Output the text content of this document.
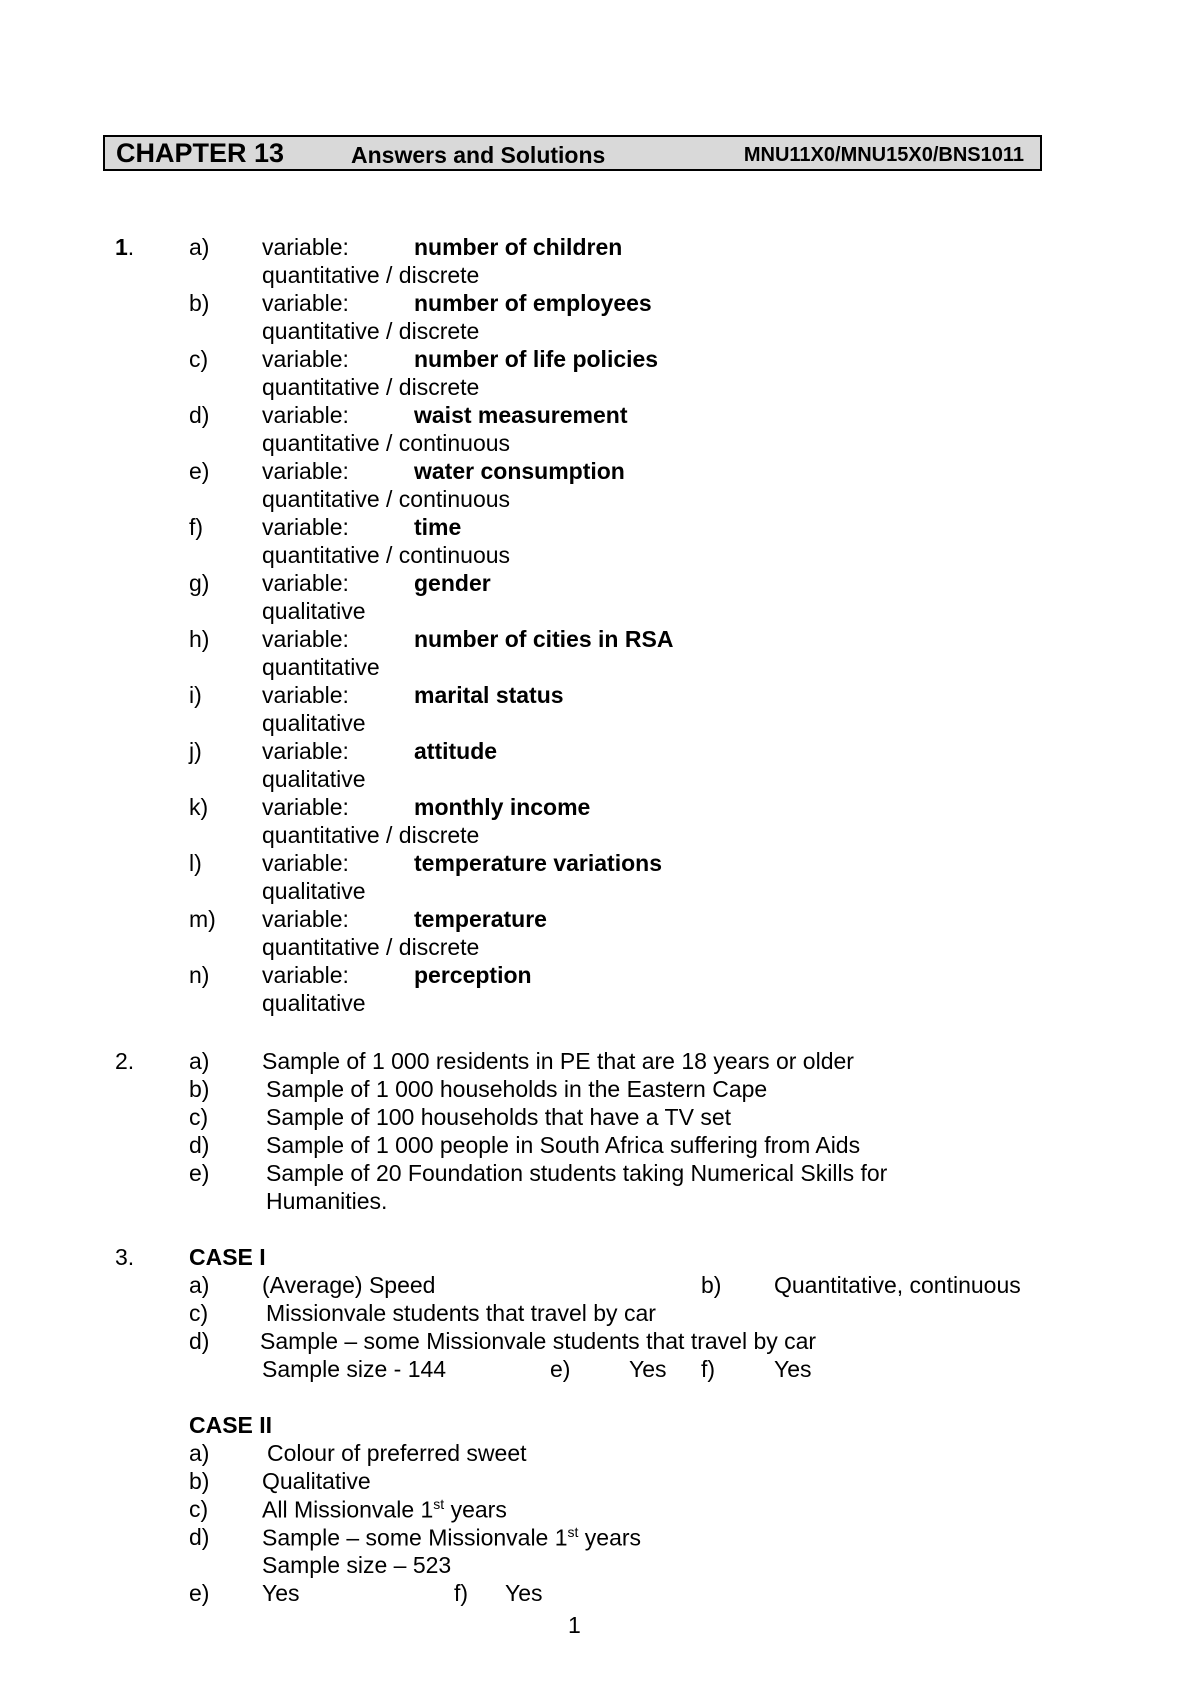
CHAPTER 13	Answers and Solutions	MNU11X0/MNU15X0/BNS1011
1. a) variable:	number of children
quantitative / discrete
b) variable:	number of employees
quantitative / discrete
c) variable:	number of life policies
quantitative / discrete
d) variable:	waist measurement
quantitative / continuous
e) variable:	water consumption
quantitative / continuous
f)	variable:	time
quantitative / continuous
g) variable:	gender
qualitative
h) variable:	number of cities in RSA
quantitative
i)	variable:	marital status
qualitative
j)	variable:	attitude
qualitative
k) variable:	monthly income
quantitative / discrete
l)	variable:	temperature variations
qualitative
m) variable:	temperature
quantitative / discrete
n) variable:	perception
qualitative
2. a) Sample of 1 000 residents in PE that are 18 years or older
b) Sample of 1 000 households in the Eastern Cape
c)	Sample of 100 households that have a TV set
d) Sample of 1 000 people in South Africa suffering from Aids
e) Sample of 20 Foundation students taking Numerical Skills for
Humanities.
3. CASE I
a) (Average) Speed	b) Quantitative, continuous
c)	Missionvale students that travel by car
d) Sample – some Missionvale students that travel by car
Sample size - 144	e)	Yes f)	Yes
CASE II
a)	Colour of preferred sweet
b) Qualitative
c) All Missionvale 1st years
d) Sample – some Missionvale 1st years
Sample size – 523
e) Yes	f) Yes
1
